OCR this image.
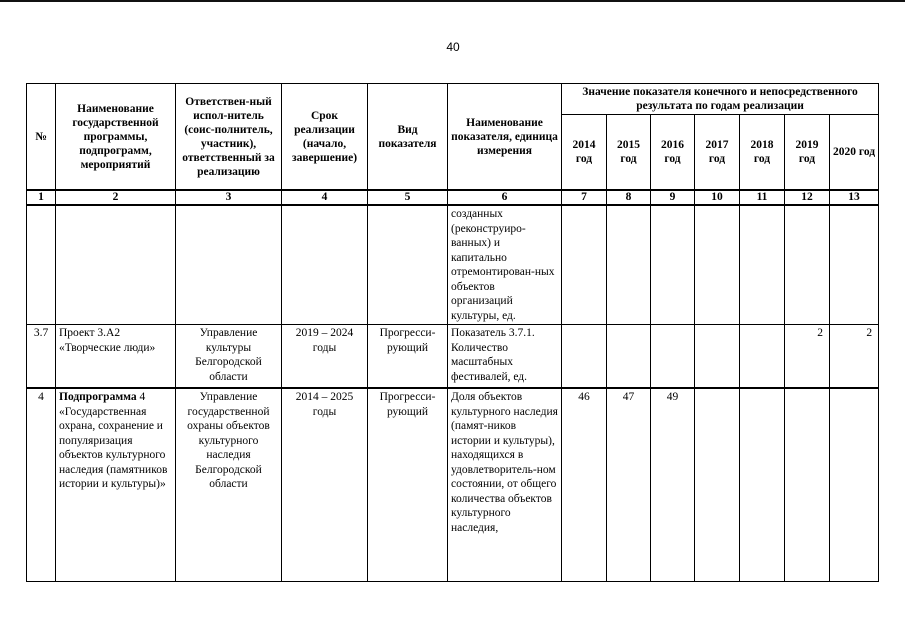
40
№	Наименование государственной программы, подпрограмм, мероприятий	Ответствен-ный испол-нитель (соис-полнитель, участник), ответственный за реализацию	Срок реализации (начало, завершение)	Вид показателя	Наименование показателя, единица измерения	Значение показателя конечного и непосредственного результата по годам реализации						
						2014 год	2015 год	2016 год	2017 год	2018 год	2019 год	2020 год
1	2	3	4	5	6	7	8	9	10	11	12	13
					созданных (реконструиро-ванных) и капитально отремонтирован-ных объектов организаций культуры, ед.							
3.7	Проект 3.А2 «Творческие люди»	Управление культуры Белгородской области	2019 – 2024 годы	Прогресси-рующий	Показатель 3.7.1. Количество масштабных фестивалей, ед.						2	2
4	Подпрограмма 4 «Государственная охрана, сохранение и популяризация объектов культурного наследия (памятников истории и культуры)»	Управление государственной охраны объектов культурного наследия Белгородской области	2014 – 2025 годы	Прогресси-рующий	Доля объектов культурного наследия (памят-ников истории и культуры), находящихся в удовлетворитель-ном состоянии, от общего количества объектов культурного наследия,	46	47	49				
